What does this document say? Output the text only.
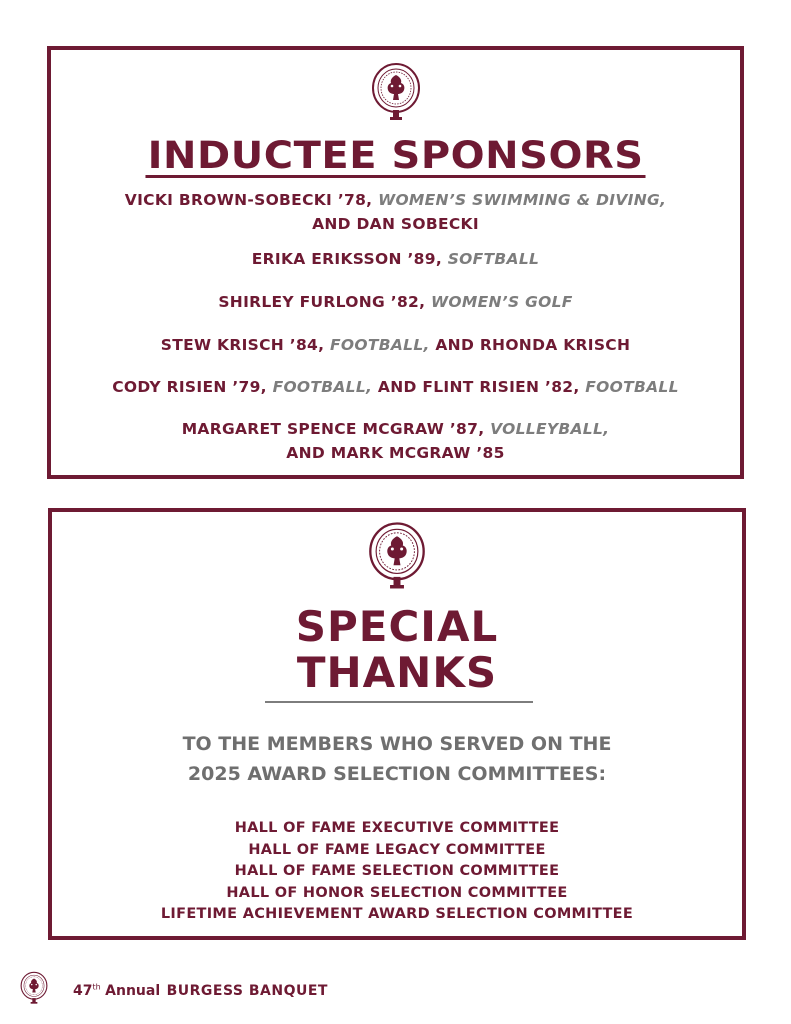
INDUCTEE SPONSORS
VICKI BROWN-SOBECKI ’78, WOMEN’S SWIMMING & DIVING,
AND DAN SOBECKI
ERIKA ERIKSSON ’89, SOFTBALL
SHIRLEY FURLONG ’82, WOMEN’S GOLF
STEW KRISCH ’84, FOOTBALL, AND RHONDA KRISCH
CODY RISIEN ’79, FOOTBALL, AND FLINT RISIEN ’82, FOOTBALL
MARGARET SPENCE MCGRAW ’87, VOLLEYBALL,
AND MARK MCGRAW ’85
SPECIAL
THANKS
TO THE MEMBERS WHO SERVED ON THE
2025 AWARD SELECTION COMMITTEES:
HALL OF FAME EXECUTIVE COMMITTEE
HALL OF FAME LEGACY COMMITTEE
HALL OF FAME SELECTION COMMITTEE
HALL OF HONOR SELECTION COMMITTEE
LIFETIME ACHIEVEMENT AWARD SELECTION COMMITTEE
47th Annual BURGESS BANQUET
